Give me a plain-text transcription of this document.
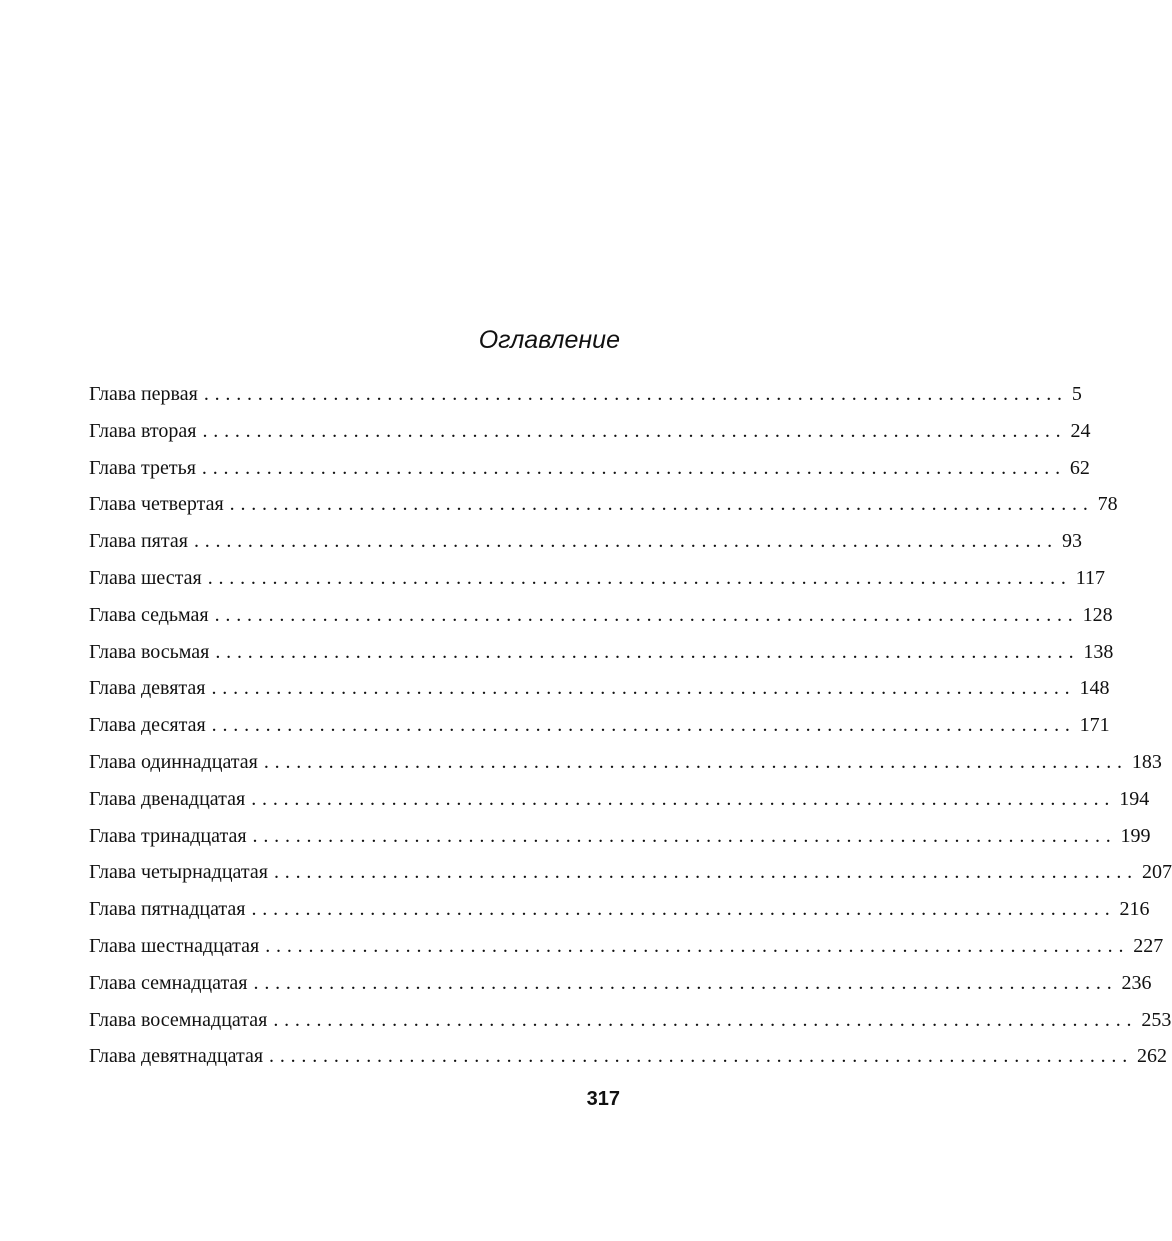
Оглавление
Глава первая ................................................................................ 5
Глава вторая ................................................................................ 24
Глава третья ................................................................................ 62
Глава четвертая ................................................................................ 78
Глава пятая ................................................................................ 93
Глава шестая ................................................................................ 117
Глава седьмая ................................................................................ 128
Глава восьмая ................................................................................ 138
Глава девятая ................................................................................ 148
Глава десятая ................................................................................ 171
Глава одиннадцатая ................................................................................ 183
Глава двенадцатая ................................................................................ 194
Глава тринадцатая ................................................................................ 199
Глава четырнадцатая ................................................................................ 207
Глава пятнадцатая ................................................................................ 216
Глава шестнадцатая ................................................................................ 227
Глава семнадцатая ................................................................................ 236
Глава восемнадцатая ................................................................................ 253
Глава девятнадцатая ................................................................................ 262
317
